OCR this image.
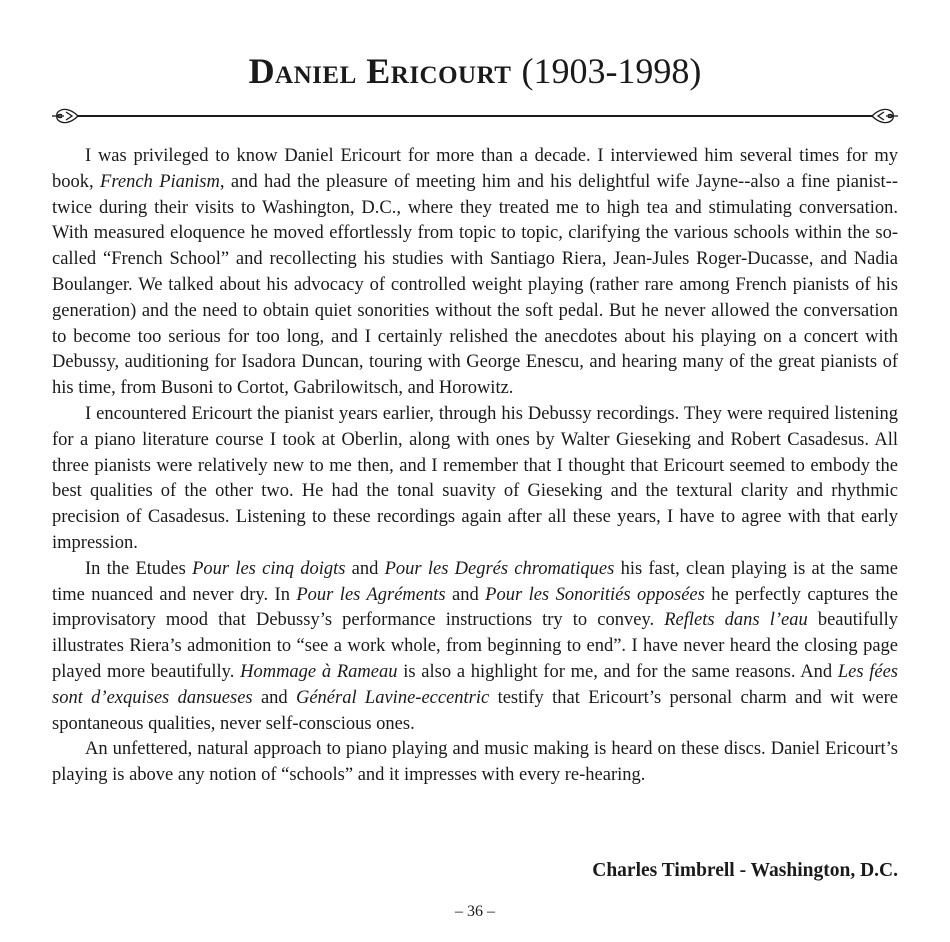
Daniel Ericourt (1903-1998)

I was privileged to know Daniel Ericourt for more than a decade. I interviewed him several times for my book, French Pianism, and had the pleasure of meeting him and his delightful wife Jayne--also a fine pianist--twice during their visits to Washington, D.C., where they treated me to high tea and stimulating conversation. With measured eloquence he moved effortlessly from topic to topic, clarifying the various schools within the so-called “French School” and recollecting his studies with Santiago Riera, Jean-Jules Roger-Ducasse, and Nadia Boulanger. We talked about his advocacy of controlled weight playing (rather rare among French pianists of his generation) and the need to obtain quiet sonorities without the soft pedal. But he never allowed the conversation to become too serious for too long, and I certainly relished the anecdotes about his playing on a concert with Debussy, auditioning for Isadora Duncan, touring with George Enescu, and hearing many of the great pianists of his time, from Busoni to Cortot, Gabrilowitsch, and Horowitz.

I encountered Ericourt the pianist years earlier, through his Debussy recordings. They were required listening for a piano literature course I took at Oberlin, along with ones by Walter Gieseking and Robert Casadesus. All three pianists were relatively new to me then, and I remember that I thought that Ericourt seemed to embody the best qualities of the other two. He had the tonal suavity of Gieseking and the textural clarity and rhythmic precision of Casadesus. Listening to these recordings again after all these years, I have to agree with that early impression.

In the Etudes Pour les cinq doigts and Pour les Degrés chromatiques his fast, clean playing is at the same time nuanced and never dry. In Pour les Agréments and Pour les Sonoritiés opposées he perfectly captures the improvisatory mood that Debussy’s performance instructions try to convey. Reflets dans l’eau beautifully illustrates Riera’s admonition to “see a work whole, from beginning to end”. I have never heard the closing page played more beautifully. Hommage à Rameau is also a highlight for me, and for the same reasons. And Les fées sont d’exquises dansueses and Général Lavine-eccentric testify that Ericourt’s personal charm and wit were spontaneous qualities, never self-conscious ones.

An unfettered, natural approach to piano playing and music making is heard on these discs. Daniel Ericourt’s playing is above any notion of “schools” and it impresses with every re-hearing.

Charles Timbrell - Washington, D.C.
– 36 –
